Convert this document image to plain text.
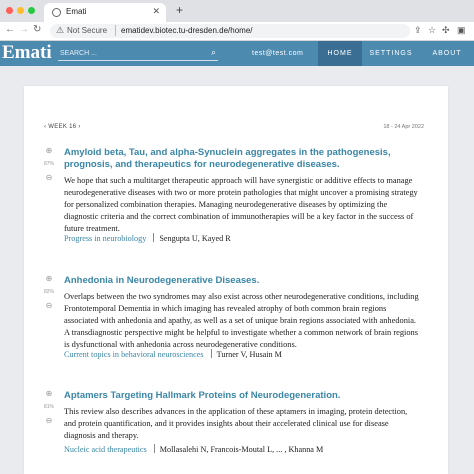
Emati	✕ +
← → ↻ ⚠ Not Secure ematidev.biotec.tu-dresden.de/home/	⇪ ☆ ✣ ▣
Emati
SEARCH ...	⌕	test@test.com	HOME	SETTINGS	ABOUT
‹ WEEK 16 ›	18 - 24 Apr 2022
⊕
87%
⊖
Amyloid beta, Tau, and alpha-Synuclein aggregates in the pathogenesis, prognosis, and therapeutics for neurodegenerative diseases.
We hope that such a multitarget therapeutic approach will have synergistic or additive effects to manage neurodegenerative diseases with two or more protein pathologies that might uncover a promising strategy for personalized combination therapies. Managing neurodegenerative diseases by optimizing the diagnostic criteria and the correct combination of immunotherapies will be a key factor in the success of future treatment.
Progress in neurobiology Sengupta U, Kayed R
⊕
82%
⊖
Anhedonia in Neurodegenerative Diseases.
Overlaps between the two syndromes may also exist across other neurodegenerative conditions, including Frontotemporal Dementia in which imaging has revealed atrophy of both common brain regions associated with anhedonia and apathy, as well as a set of unique brain regions associated with anhedonia. A transdiagnostic perspective might be helpful to investigate whether a common network of brain regions is dysfunctional with anhedonia across neurodegenerative conditions.
Current topics in behavioral neurosciences Turner V, Husain M
⊕
81%
⊖
Aptamers Targeting Hallmark Proteins of Neurodegeneration.
This review also describes advances in the application of these aptamers in imaging, protein detection, and protein quantification, and it provides insights about their accelerated clinical use for disease diagnosis and therapy.
Nucleic acid therapeutics Mollasalehi N, Francois-Moutal L, ... , Khanna M
